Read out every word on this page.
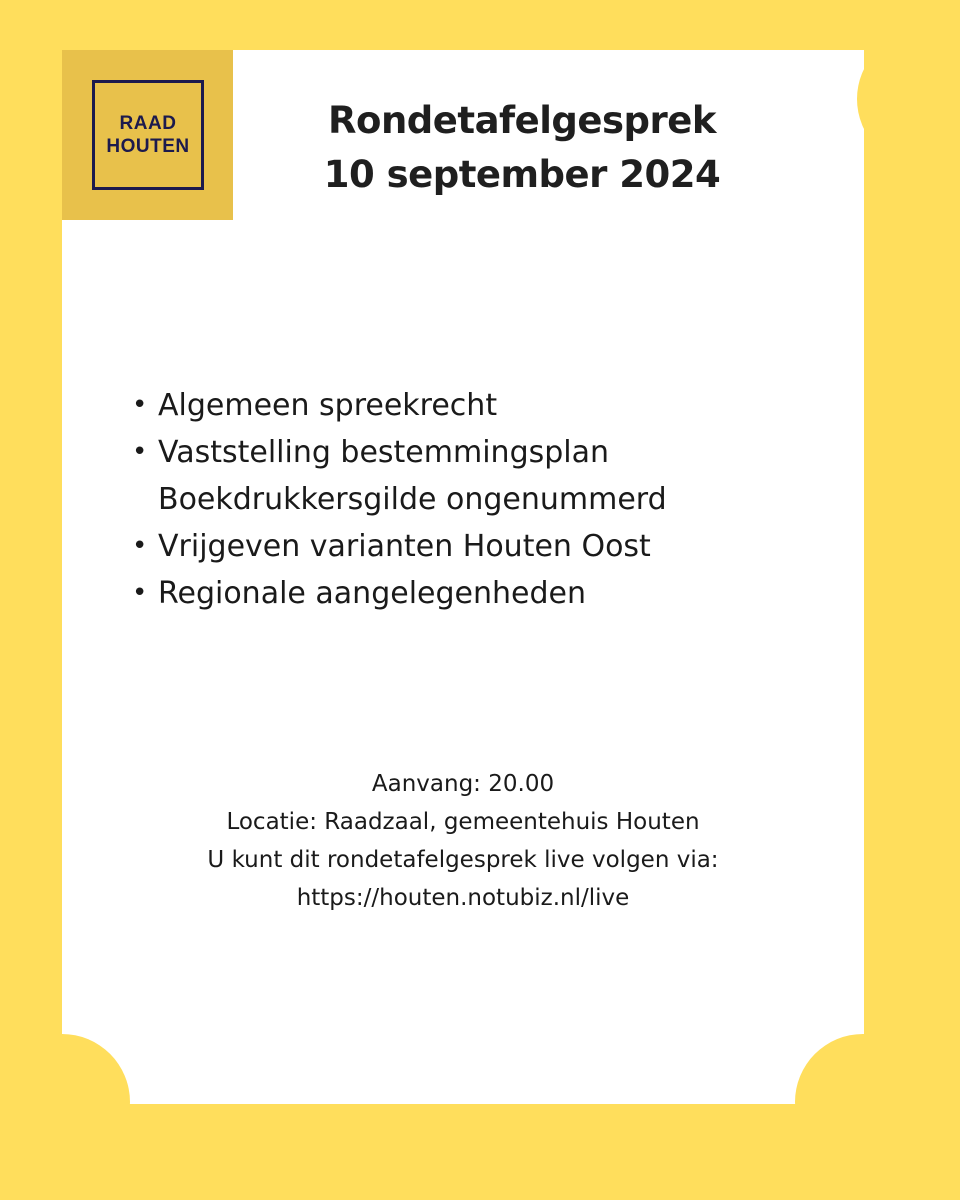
RAAD
HOUTEN
Rondetafelgesprek
10 september 2024
• Algemeen spreekrecht
• Vaststelling bestemmingsplan
Boekdrukkersgilde ongenummerd
• Vrijgeven varianten Houten Oost
• Regionale aangelegenheden
Aanvang: 20.00
Locatie: Raadzaal, gemeentehuis Houten
U kunt dit rondetafelgesprek live volgen via:
https://houten.notubiz.nl/live
